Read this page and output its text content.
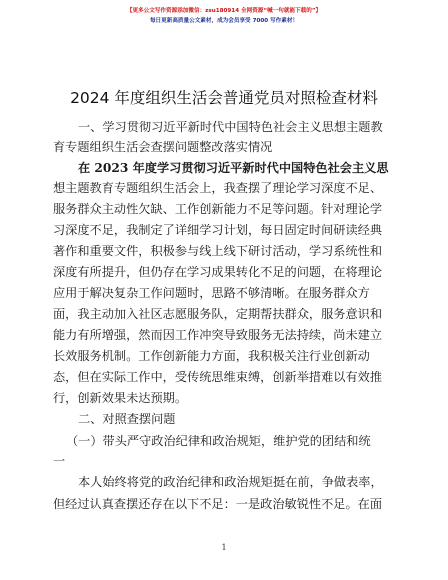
【更多公文写作资源添加微信：zsu180914 全网资源“喊一句就能下载的”】
每日更新高质量公文素材，成为会员享受 7000 写作素材！
2024 年度组织生活会普通党员对照检查材料
一、学习贯彻习近平新时代中国特色社会主义思想主题教
育专题组织生活会查摆问题整改落实情况
在 2023 年度学习贯彻习近平新时代中国特色社会主义思
想主题教育专题组织生活会上，我查摆了理论学习深度不足、
服务群众主动性欠缺、工作创新能力不足等问题。针对理论学
习深度不足，我制定了详细学习计划，每日固定时间研读经典
著作和重要文件，积极参与线上线下研讨活动，学习系统性和
深度有所提升，但仍存在学习成果转化不足的问题，在将理论
应用于解决复杂工作问题时，思路不够清晰。在服务群众方
面，我主动加入社区志愿服务队，定期帮扶群众，服务意识和
能力有所增强，然而因工作冲突导致服务无法持续，尚未建立
长效服务机制。工作创新能力方面，我积极关注行业创新动
态，但在实际工作中，受传统思维束缚，创新举措难以有效推
行，创新效果未达预期。
二、对照查摆问题
（一）带头严守政治纪律和政治规矩，维护党的团结和统
一
本人始终将党的政治纪律和政治规矩挺在前，争做表率，
但经过认真查摆还存在以下不足：一是政治敏锐性不足。在面
1
